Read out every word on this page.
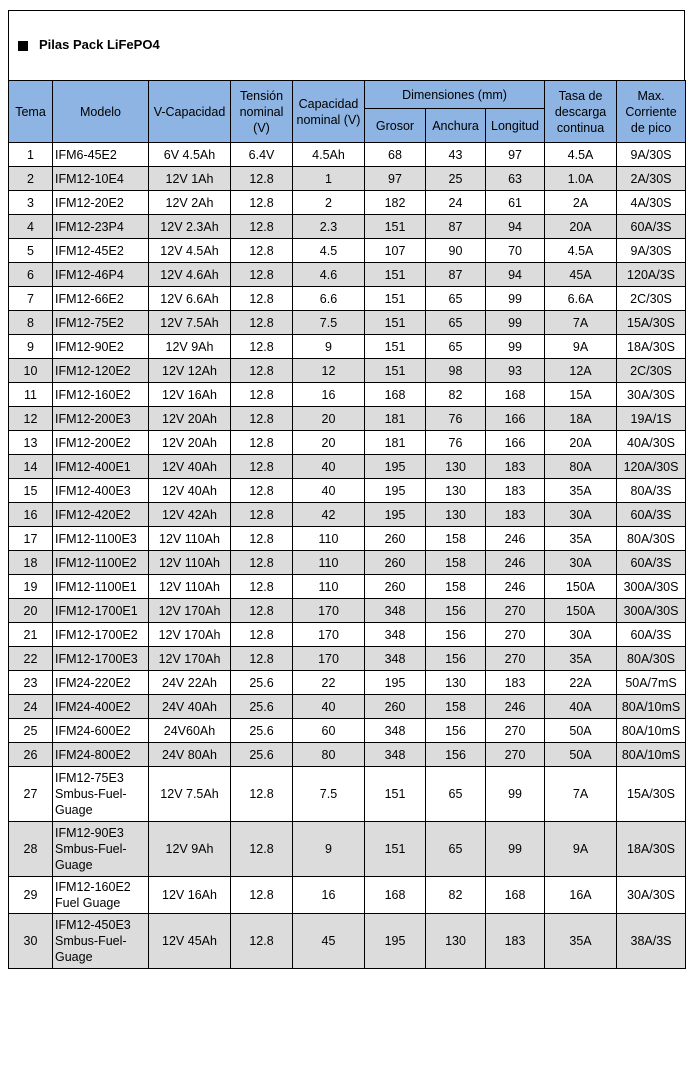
Pilas Pack LiFePO4
Tema	Modelo	V-Capacidad	Tensión nominal (V)	Capacidad nominal (V)	Dimensiones (mm)			Tasa de descarga continua	Max. Corriente de pico
					Grosor	Anchura	Longitud		
1	IFM6-45E2	6V 4.5Ah	6.4V	4.5Ah	68	43	97	4.5A	9A/30S
2	IFM12-10E4	12V 1Ah	12.8	1	97	25	63	1.0A	2A/30S
3	IFM12-20E2	12V 2Ah	12.8	2	182	24	61	2A	4A/30S
4	IFM12-23P4	12V 2.3Ah	12.8	2.3	151	87	94	20A	60A/3S
5	IFM12-45E2	12V 4.5Ah	12.8	4.5	107	90	70	4.5A	9A/30S
6	IFM12-46P4	12V 4.6Ah	12.8	4.6	151	87	94	45A	120A/3S
7	IFM12-66E2	12V 6.6Ah	12.8	6.6	151	65	99	6.6A	2C/30S
8	IFM12-75E2	12V 7.5Ah	12.8	7.5	151	65	99	7A	15A/30S
9	IFM12-90E2	12V 9Ah	12.8	9	151	65	99	9A	18A/30S
10	IFM12-120E2	12V 12Ah	12.8	12	151	98	93	12A	2C/30S
11	IFM12-160E2	12V 16Ah	12.8	16	168	82	168	15A	30A/30S
12	IFM12-200E3	12V 20Ah	12.8	20	181	76	166	18A	19A/1S
13	IFM12-200E2	12V 20Ah	12.8	20	181	76	166	20A	40A/30S
14	IFM12-400E1	12V 40Ah	12.8	40	195	130	183	80A	120A/30S
15	IFM12-400E3	12V 40Ah	12.8	40	195	130	183	35A	80A/3S
16	IFM12-420E2	12V 42Ah	12.8	42	195	130	183	30A	60A/3S
17	IFM12-1100E3	12V 110Ah	12.8	110	260	158	246	35A	80A/30S
18	IFM12-1100E2	12V 110Ah	12.8	110	260	158	246	30A	60A/3S
19	IFM12-1100E1	12V 110Ah	12.8	110	260	158	246	150A	300A/30S
20	IFM12-1700E1	12V 170Ah	12.8	170	348	156	270	150A	300A/30S
21	IFM12-1700E2	12V 170Ah	12.8	170	348	156	270	30A	60A/3S
22	IFM12-1700E3	12V 170Ah	12.8	170	348	156	270	35A	80A/30S
23	IFM24-220E2	24V 22Ah	25.6	22	195	130	183	22A	50A/7mS
24	IFM24-400E2	24V 40Ah	25.6	40	260	158	246	40A	80A/10mS
25	IFM24-600E2	24V60Ah	25.6	60	348	156	270	50A	80A/10mS
26	IFM24-800E2	24V 80Ah	25.6	80	348	156	270	50A	80A/10mS
27	IFM12-75E3 Smbus-Fuel-Guage	12V 7.5Ah	12.8	7.5	151	65	99	7A	15A/30S
28	IFM12-90E3 Smbus-Fuel-Guage	12V 9Ah	12.8	9	151	65	99	9A	18A/30S
29	IFM12-160E2 Fuel Guage	12V 16Ah	12.8	16	168	82	168	16A	30A/30S
30	IFM12-450E3 Smbus-Fuel-Guage	12V 45Ah	12.8	45	195	130	183	35A	38A/3S
